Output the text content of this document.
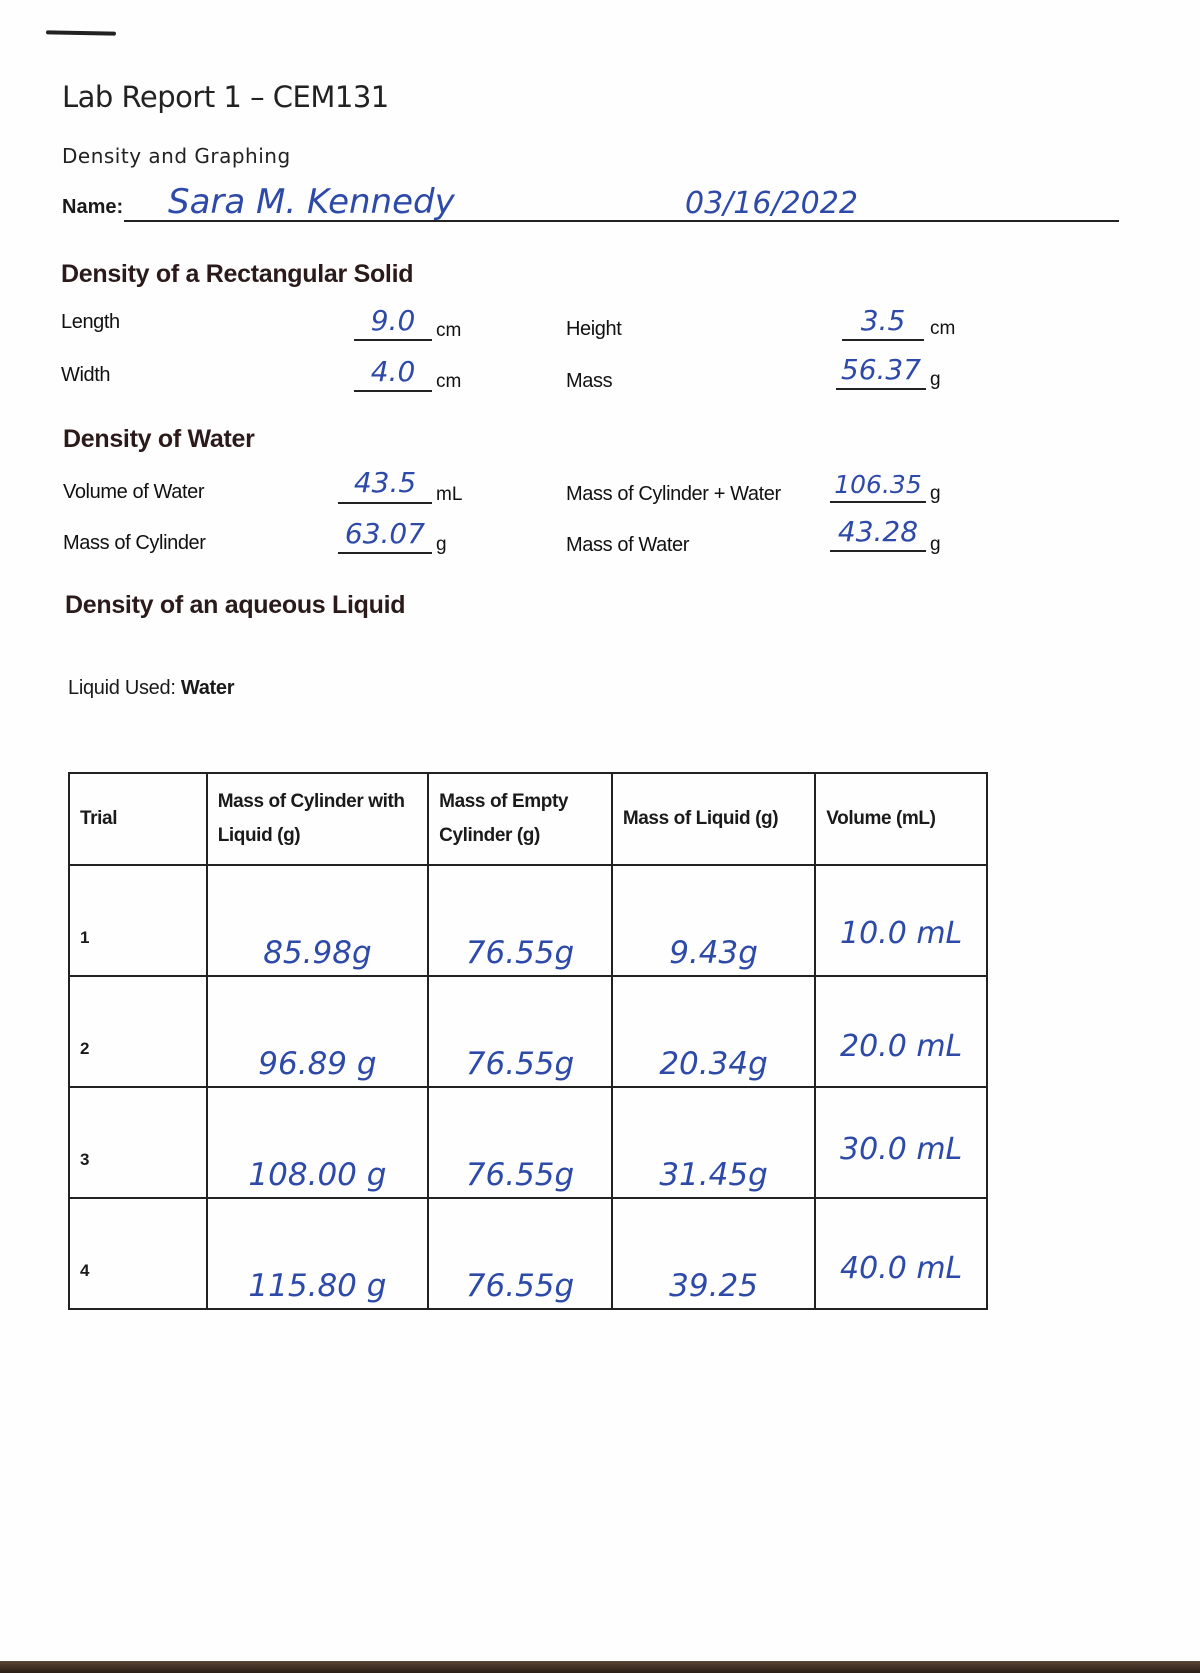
Lab Report 1 – CEM131
Density and Graphing
Name: Sara M. Kennedy	03/16/2022
Density of a Rectangular Solid
Length	9.0	cm
Width	4.0	cm
Height	3.5	cm
Mass	56.37 g
Density of Water
Volume of Water	43.5	mL
Mass of Cylinder	63.07 g
Mass of Cylinder + Water 106.35 g
Mass of Water	43.28 g
Density of an aqueous Liquid
Liquid Used: Water
Trial	Mass of Cylinder with Liquid (g)	Mass of Empty Cylinder (g)	Mass of Liquid (g)	Volume (mL)

1	85.98g	76.55g	9.43g	10.0 mL

2	96.89 g	76.55g	20.34g	20.0 mL

3	108.00 g	76.55g	31.45g	30.0 mL

4	115.80 g	76.55g	39.25	40.0 mL
